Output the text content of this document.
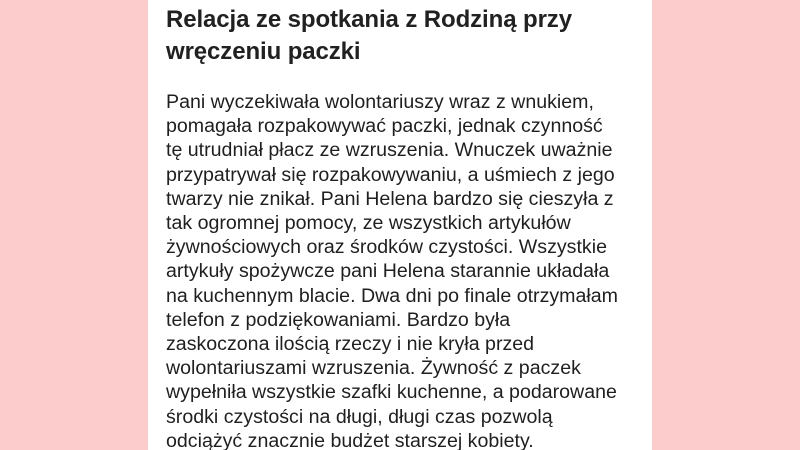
Relacja ze spotkania z Rodziną przy
wręczeniu paczki

Pani wyczekiwała wolontariuszy wraz z wnukiem,
pomagała rozpakowywać paczki, jednak czynność
tę utrudniał płacz ze wzruszenia. Wnuczek uważnie
przypatrywał się rozpakowywaniu, a uśmiech z jego
twarzy nie znikał. Pani Helena bardzo się cieszyła z
tak ogromnej pomocy, ze wszystkich artykułów
żywnościowych oraz środków czystości. Wszystkie
artykuły spożywcze pani Helena starannie układała
na kuchennym blacie. Dwa dni po finale otrzymałam
telefon z podziękowaniami. Bardzo była
zaskoczona ilością rzeczy i nie kryła przed
wolontariuszami wzruszenia. Żywność z paczek
wypełniła wszystkie szafki kuchenne, a podarowane
środki czystości na długi, długi czas pozwolą
odciążyć znacznie budżet starszej kobiety.
